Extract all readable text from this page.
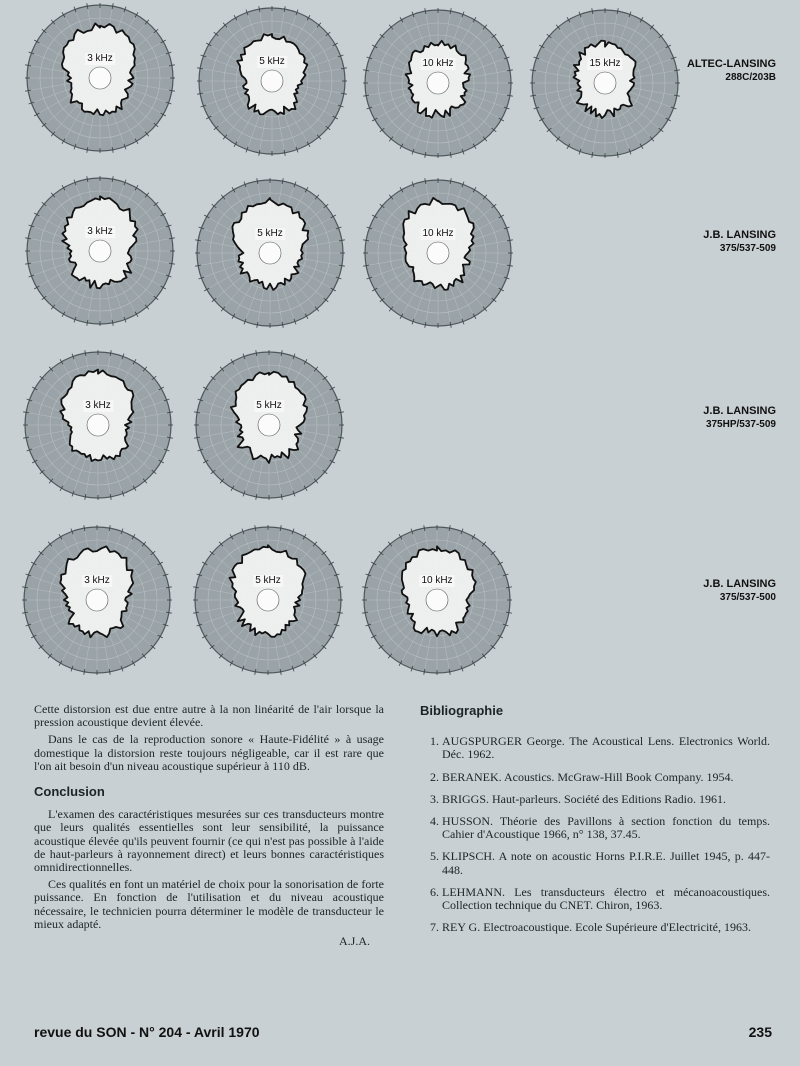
3 kHz	5 kHz	10 kHz	15 kHz	ALTEC-LANSING
288C/203B
3 kHz	5 kHz	10 kHz	J.B. LANSING
375/537-509
3 kHz	5 kHz	J.B. LANSING
375HP/537-509
3 kHz	5 kHz	10 kHz	J.B. LANSING
375/537-500

Cette distorsion est due entre autre à la non linéarité de l'air lorsque la pression acoustique devient élevée.

Dans le cas de la reproduction sonore « Haute-Fidélité » à usage domestique la distorsion reste toujours négligeable, car il est rare que l'on ait besoin d'un niveau acoustique supérieur à 110 dB.

Conclusion

L'examen des caractéristiques mesurées sur ces transducteurs montre que leurs qualités essentielles sont leur sensibilité, la puissance acoustique élevée qu'ils peuvent fournir (ce qui n'est pas possible à l'aide de haut-parleurs à rayonnement direct) et leurs bonnes caractéristiques omnidirectionnelles.

Ces qualités en font un matériel de choix pour la sonorisation de forte puissance. En fonction de l'utilisation et du niveau acoustique nécessaire, le technicien pourra déterminer le modèle de transducteur le mieux adapté.

A.J.A.
Bibliographie
1. AUGSPURGER George. The Acoustical Lens. Electronics World. Déc. 1962.
2. BERANEK. Acoustics. McGraw-Hill Book Company. 1954.
3. BRIGGS. Haut-parleurs. Société des Editions Radio. 1961.
4. HUSSON. Théorie des Pavillons à section fonction du temps. Cahier d'Acoustique 1966, n° 138, 37.45.
5. KLIPSCH. A note on acoustic Horns P.I.R.E. Juillet 1945, p. 447-448.
6. LEHMANN. Les transducteurs électro et mécanoacoustiques. Collection technique du CNET. Chiron, 1963.
7. REY G. Electroacoustique. Ecole Supérieure d'Electricité, 1963.
revue du SON - N° 204 - Avril 1970	235
